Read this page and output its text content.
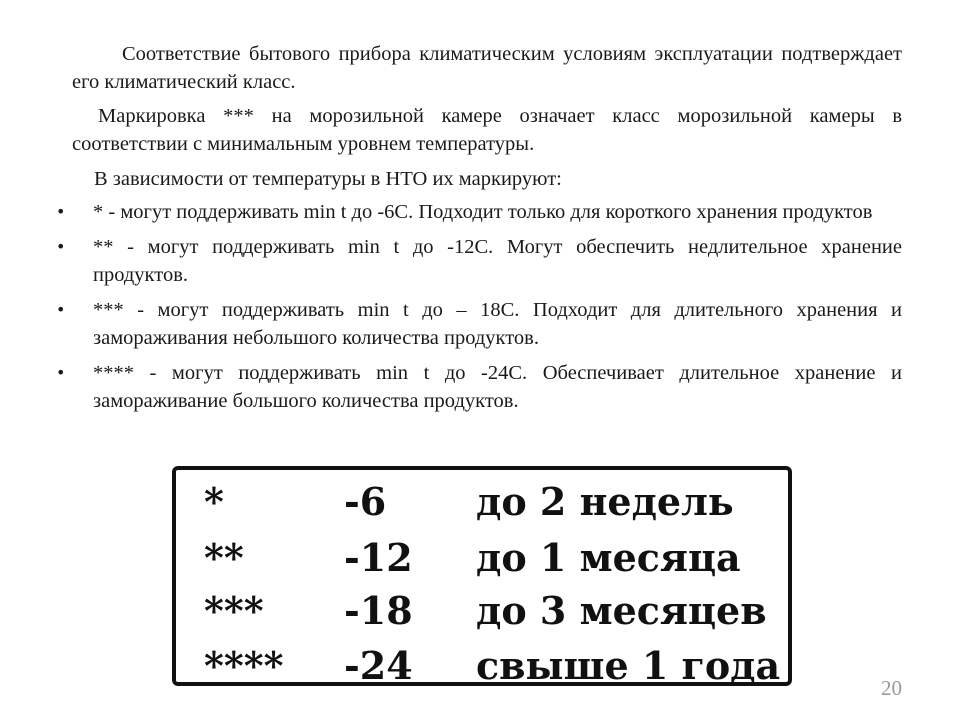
Соответствие бытового прибора климатическим условиям эксплуатации подтверждает его климатический класс.

Маркировка *** на морозильной камере означает класс морозильной камеры в соответствии с минимальным уровнем температуры.

В зависимости от температуры в НТО их маркируют:

• * - могут поддерживать min t до -6С. Подходит только для короткого хранения продуктов
• ** - могут поддерживать min t до -12С. Могут обеспечить недлительное хранение продуктов.
• *** - могут поддерживать min t до – 18С. Подходит для длительного хранения и замораживания небольшого количества продуктов.
• **** - могут поддерживать min t до -24С. Обеспечивает длительное хранение и замораживание большого количества продуктов.
*	-6 до 2 недель
**	-12 до 1 месяца
*** -18 до 3 месяцев
**** -24 свыше 1 года	20
